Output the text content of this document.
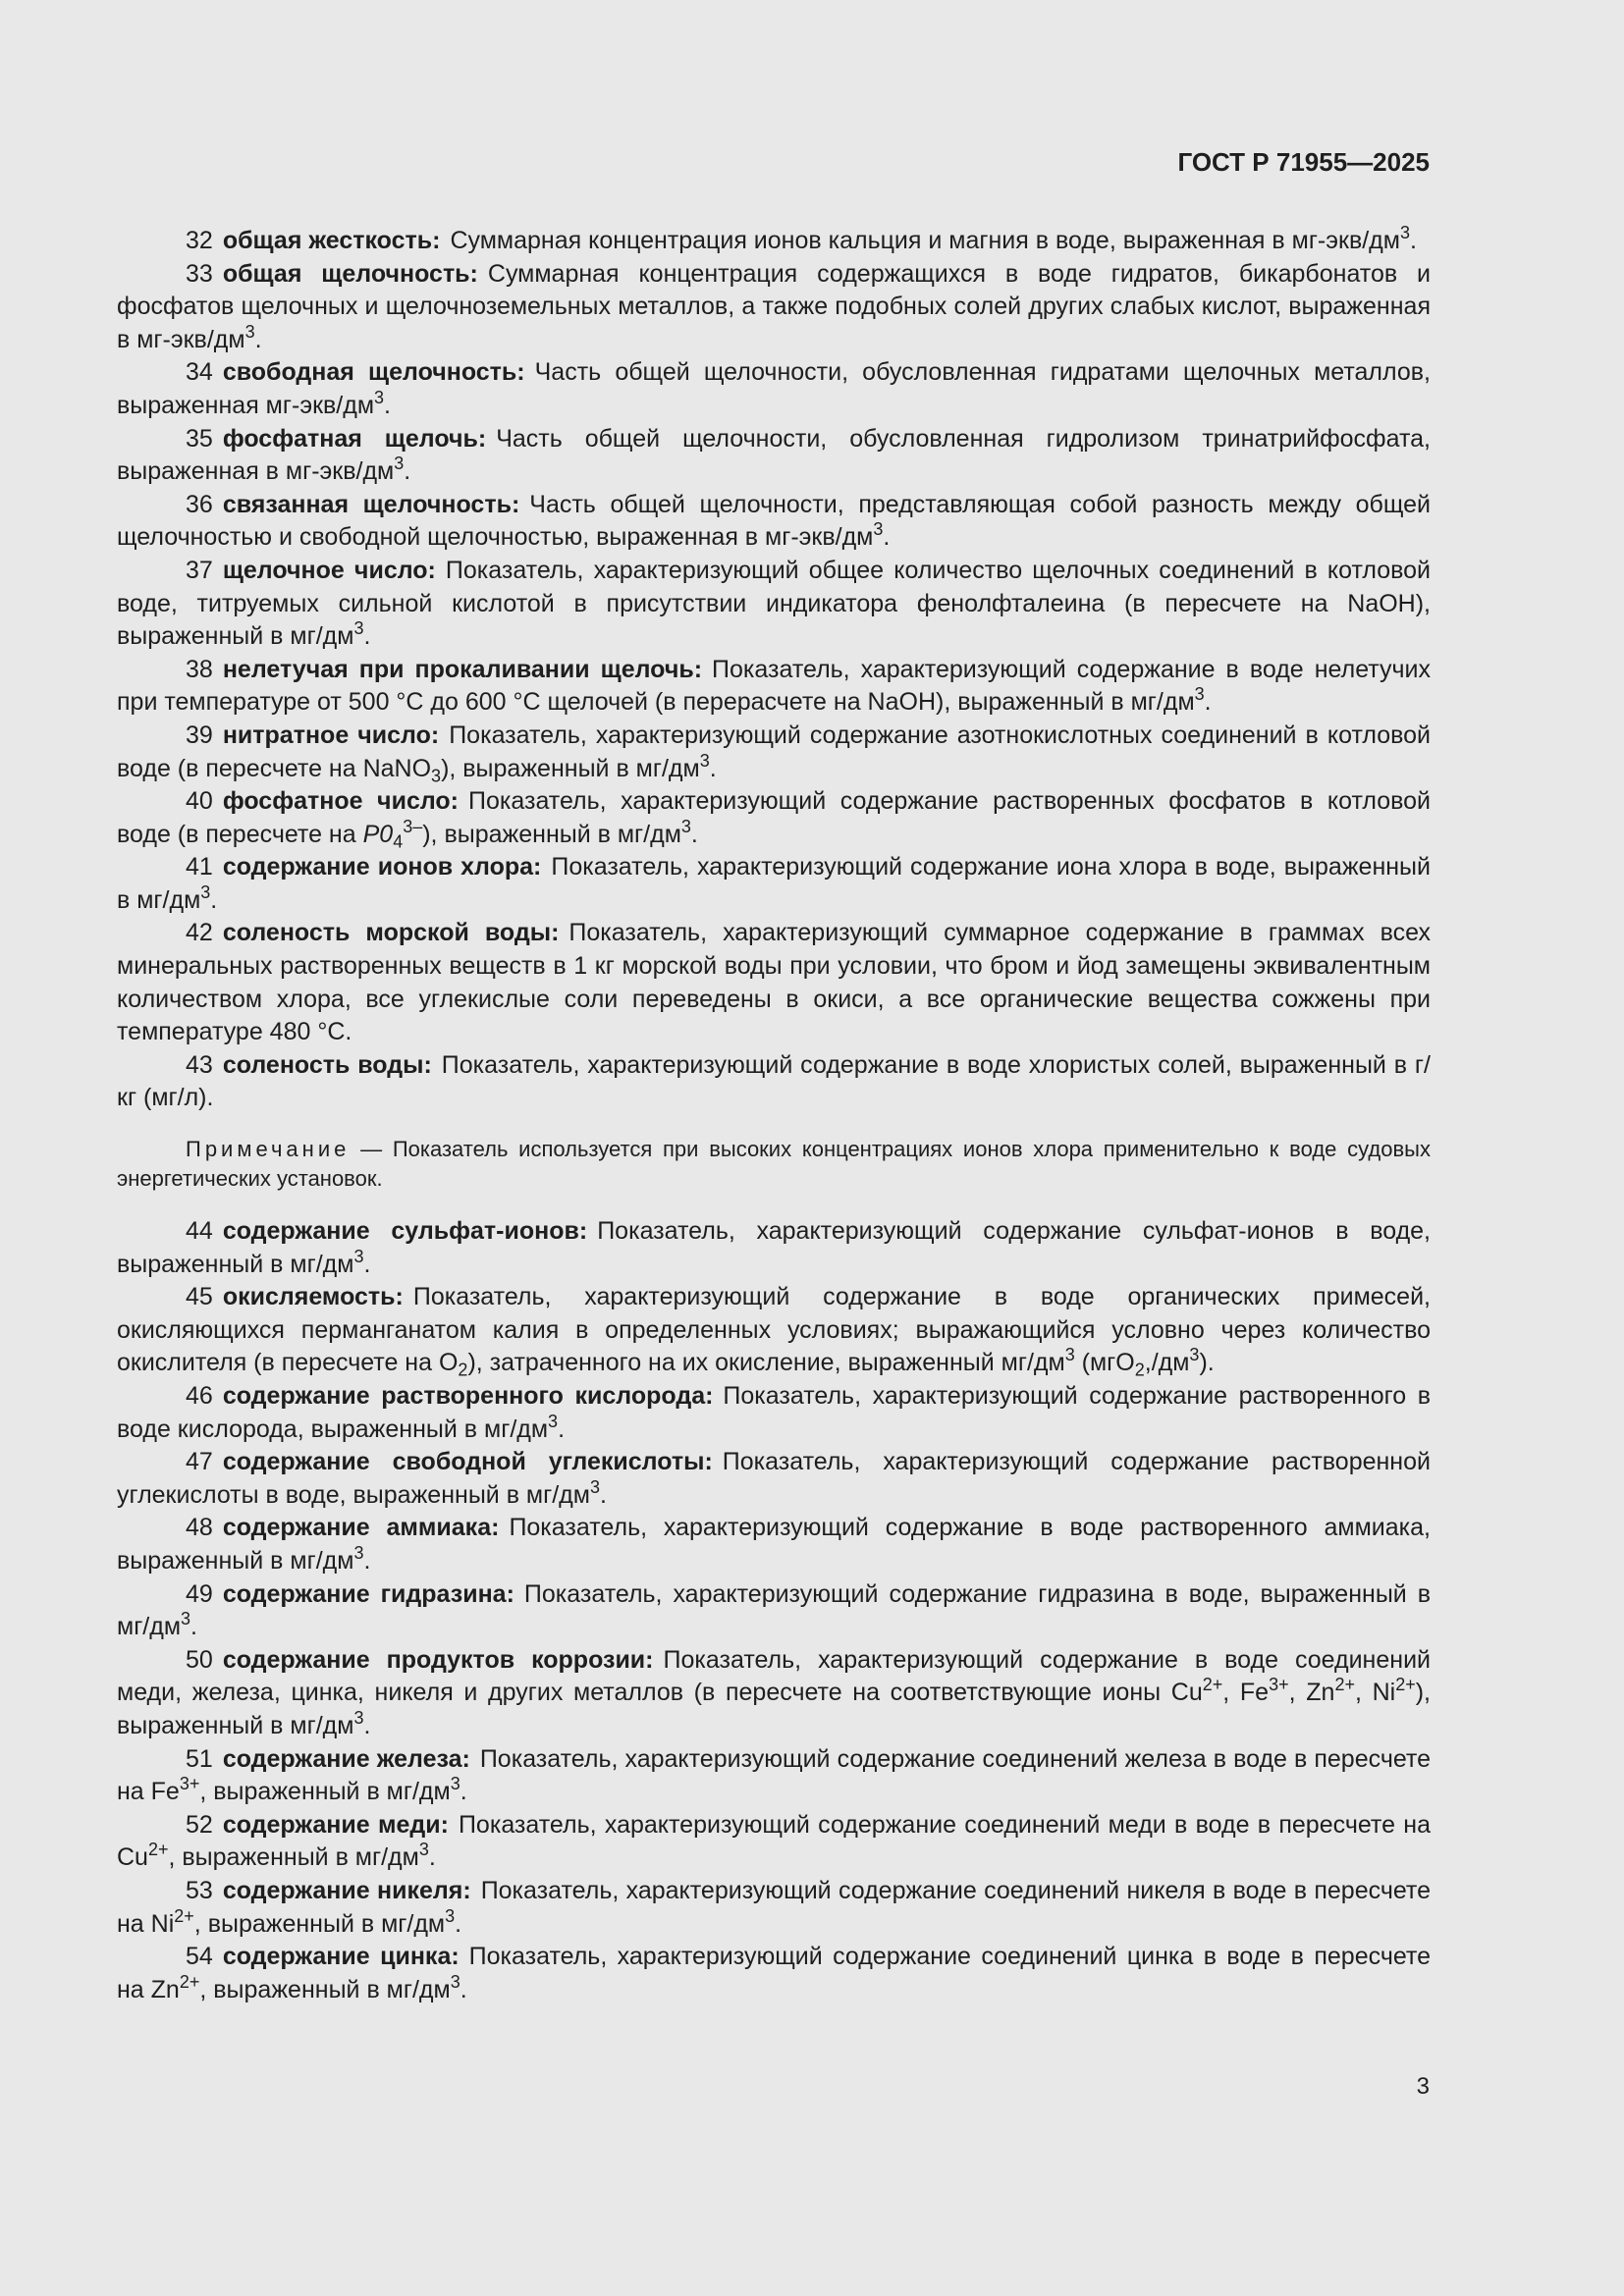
ГОСТ Р 71955—2025

32 общая жесткость: Суммарная концентрация ионов кальция и магния в воде, выраженная в $мг-экв/дм^3$.

33 общая щелочность: Суммарная концентрация содержащихся в воде гидратов, бикарбонатов и фосфатов щелочных и щелочноземельных металлов, а также подобных солей других слабых кислот, выраженная в $мг-экв/дм^3$.

34 свободная щелочность: Часть общей щелочности, обусловленная гидратами щелочных металлов, выраженная $мг-экв/дм^3$.

35 фосфатная щелочь: Часть общей щелочности, обусловленная гидролизом тринатрийфосфата, выраженная в $мг-экв/дм^3$.

36 связанная щелочность: Часть общей щелочности, представляющая собой разность между общей щелочностью и свободной щелочностью, выраженная в $мг-экв/дм^3$.

37 щелочное число: Показатель, характеризующий общее количество щелочных соединений в котловой воде, титруемых сильной кислотой в присутствии индикатора фенолфталеина (в пересчете на NaOH), выраженный в $мг/дм^3$.

38 нелетучая при прокаливании щелочь: Показатель, характеризующий содержание в воде нелетучих при температуре от 500 °C до 600 °C щелочей (в перерасчете на NaOH), выраженный в $мг/дм^3$.

39 нитратное число: Показатель, характеризующий содержание азотнокислотных соединений в котловой воде (в пересчете на NaNO$_3$), выраженный в $мг/дм^3$.

40 фосфатное число: Показатель, характеризующий содержание растворенных фосфатов в котловой воде (в пересчете на $P0_4^{3-}$), выраженный в $мг/дм^3$.

41 содержание ионов хлора: Показатель, характеризующий содержание иона хлора в воде, выраженный в $мг/дм^3$.

42 соленость морской воды: Показатель, характеризующий суммарное содержание в граммах всех минеральных растворенных веществ в 1 кг морской воды при условии, что бром и йод замещены эквивалентным количеством хлора, все углекислые соли переведены в окиси, а все органические вещества сожжены при температуре 480 °C.

43 соленость воды: Показатель, характеризующий содержание в воде хлористых солей, выраженный в г/кг (мг/л).

Примечание — Показатель используется при высоких концентрациях ионов хлора применительно к воде судовых энергетических установок.

44 содержание сульфат-ионов: Показатель, характеризующий содержание сульфат-ионов в воде, выраженный в $мг/дм^3$.

45 окисляемость: Показатель, характеризующий содержание в воде органических примесей, окисляющихся перманганатом калия в определенных условиях; выражающийся условно через количество окислителя (в пересчете на $O_2$), затраченного на их окисление, выраженный $мг/дм^3$ $(мгO_2,/дм^3)$.

46 содержание растворенного кислорода: Показатель, характеризующий содержание растворенного в воде кислорода, выраженный в $мг/дм^3$.

47 содержание свободной углекислоты: Показатель, характеризующий содержание растворенной углекислоты в воде, выраженный в $мг/дм^3$.

48 содержание аммиака: Показатель, характеризующий содержание в воде растворенного аммиака, выраженный в $мг/дм^3$.

49 содержание гидразина: Показатель, характеризующий содержание гидразина в воде, выраженный в $мг/дм^3$.

50 содержание продуктов коррозии: Показатель, характеризующий содержание в воде соединений меди, железа, цинка, никеля и других металлов (в пересчете на соответствующие ионы $Cu^{2+}$, $Fe^{3+}$, $Zn^{2+}$, $Ni^{2+}$), выраженный в $мг/дм^3$.

51 содержание железа: Показатель, характеризующий содержание соединений железа в воде в пересчете на $Fe^{3+}$, выраженный в $мг/дм^3$.

52 содержание меди: Показатель, характеризующий содержание соединений меди в воде в пересчете на $Cu^{2+}$, выраженный в $мг/дм^3$.

53 содержание никеля: Показатель, характеризующий содержание соединений никеля в воде в пересчете на $Ni^{2+}$, выраженный в $мг/дм^3$.

54 содержание цинка: Показатель, характеризующий содержание соединений цинка в воде в пересчете на $Zn^{2+}$, выраженный в $мг/дм^3$.

3
